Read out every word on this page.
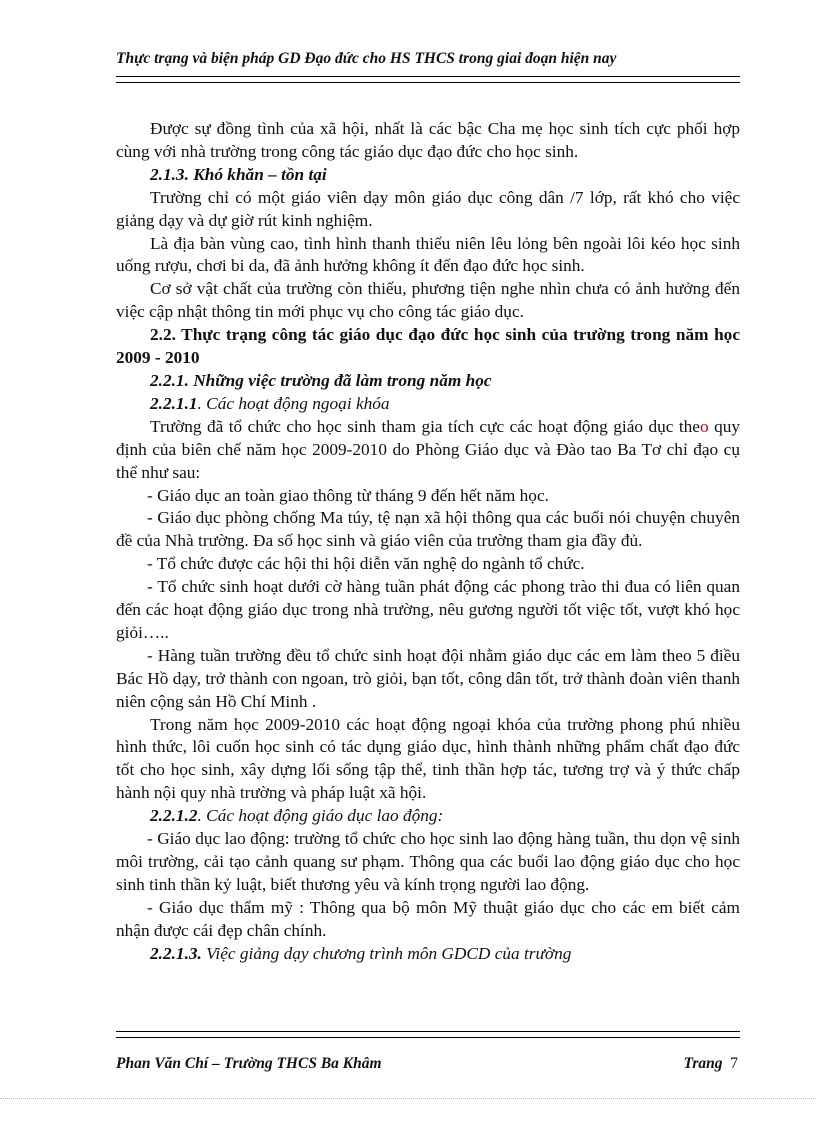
Thực trạng và biện pháp GD Đạo đức cho HS THCS trong giai đoạn hiện nay

Được sự đồng tình của xã hội, nhất là các bậc Cha mẹ học sinh tích cực phối hợp cùng với nhà trường trong công tác giáo dục đạo đức cho học sinh.

2.1.3. Khó khăn – tồn tại

Trường chỉ có một giáo viên dạy môn giáo dục công dân /7 lớp, rất khó cho việc giảng dạy và dự giờ rút kinh nghiệm.

Là địa bàn vùng cao, tình hình thanh thiếu niên lêu lỏng bên ngoài lôi kéo học sinh uống rượu, chơi bi da, đã ảnh hưởng không ít đến đạo đức học sinh.

Cơ sở vật chất của trường còn thiếu, phương tiện nghe nhìn chưa có ảnh hưởng đến việc cập nhật thông tin mới phục vụ cho công tác giáo dục.

2.2. Thực trạng công tác giáo dục đạo đức học sinh của trường trong năm học 2009 - 2010

2.2.1. Những việc trường đã làm trong năm học

2.2.1.1. Các hoạt động ngoại khóa

Trường đã tổ chức cho học sinh tham gia tích cực các hoạt động giáo dục theo quy định của biên chế năm học 2009-2010 do Phòng Giáo dục và Đào tao Ba Tơ chỉ đạo cụ thể như sau:

- Giáo dục an toàn giao thông từ tháng 9 đến hết năm học.

- Giáo dục phòng chống Ma túy, tệ nạn xã hội thông qua các buổi nói chuyện chuyên đề của Nhà trường. Đa số học sinh và giáo viên của trường tham gia đầy đủ.

- Tổ chức được các hội thi hội diễn văn nghệ do ngành tổ chức.

- Tổ chức sinh hoạt dưới cờ hàng tuần phát động các phong trào thi đua có liên quan đến các hoạt động giáo dục trong nhà trường, nêu gương người tốt việc tốt, vượt khó học giỏi…..

- Hàng tuần trường đều tổ chức sinh hoạt đội nhằm giáo dục các em làm theo 5 điều Bác Hồ dạy, trở thành con ngoan, trò giỏi, bạn tốt, công dân tốt, trở thành đoàn viên thanh niên cộng sản Hồ Chí Minh .

Trong năm học 2009-2010 các hoạt động ngoại khóa của trường phong phú nhiều hình thức, lôi cuốn học sinh có tác dụng giáo dục, hình thành những phẩm chất đạo đức tốt cho học sinh, xây dựng lối sống tập thể, tinh thần hợp tác, tương trợ và ý thức chấp hành nội quy nhà trường và pháp luật xã hội.

2.2.1.2. Các hoạt động giáo dục lao động:

- Giáo dục lao động: trường tổ chức cho học sinh lao động hàng tuần, thu dọn vệ sinh môi trường, cải tạo cảnh quang sư phạm. Thông qua các buổi lao động giáo dục cho học sinh tinh thần kỷ luật, biết thương yêu và kính trọng người lao động.

- Giáo dục thẩm mỹ : Thông qua bộ môn Mỹ thuật giáo dục cho các em biết cảm nhận được cái đẹp chân chính.

2.2.1.3. Việc giảng dạy chương trình môn GDCD của trường

Phan Văn Chí – Trường THCS Ba Khâm	Trang 7
